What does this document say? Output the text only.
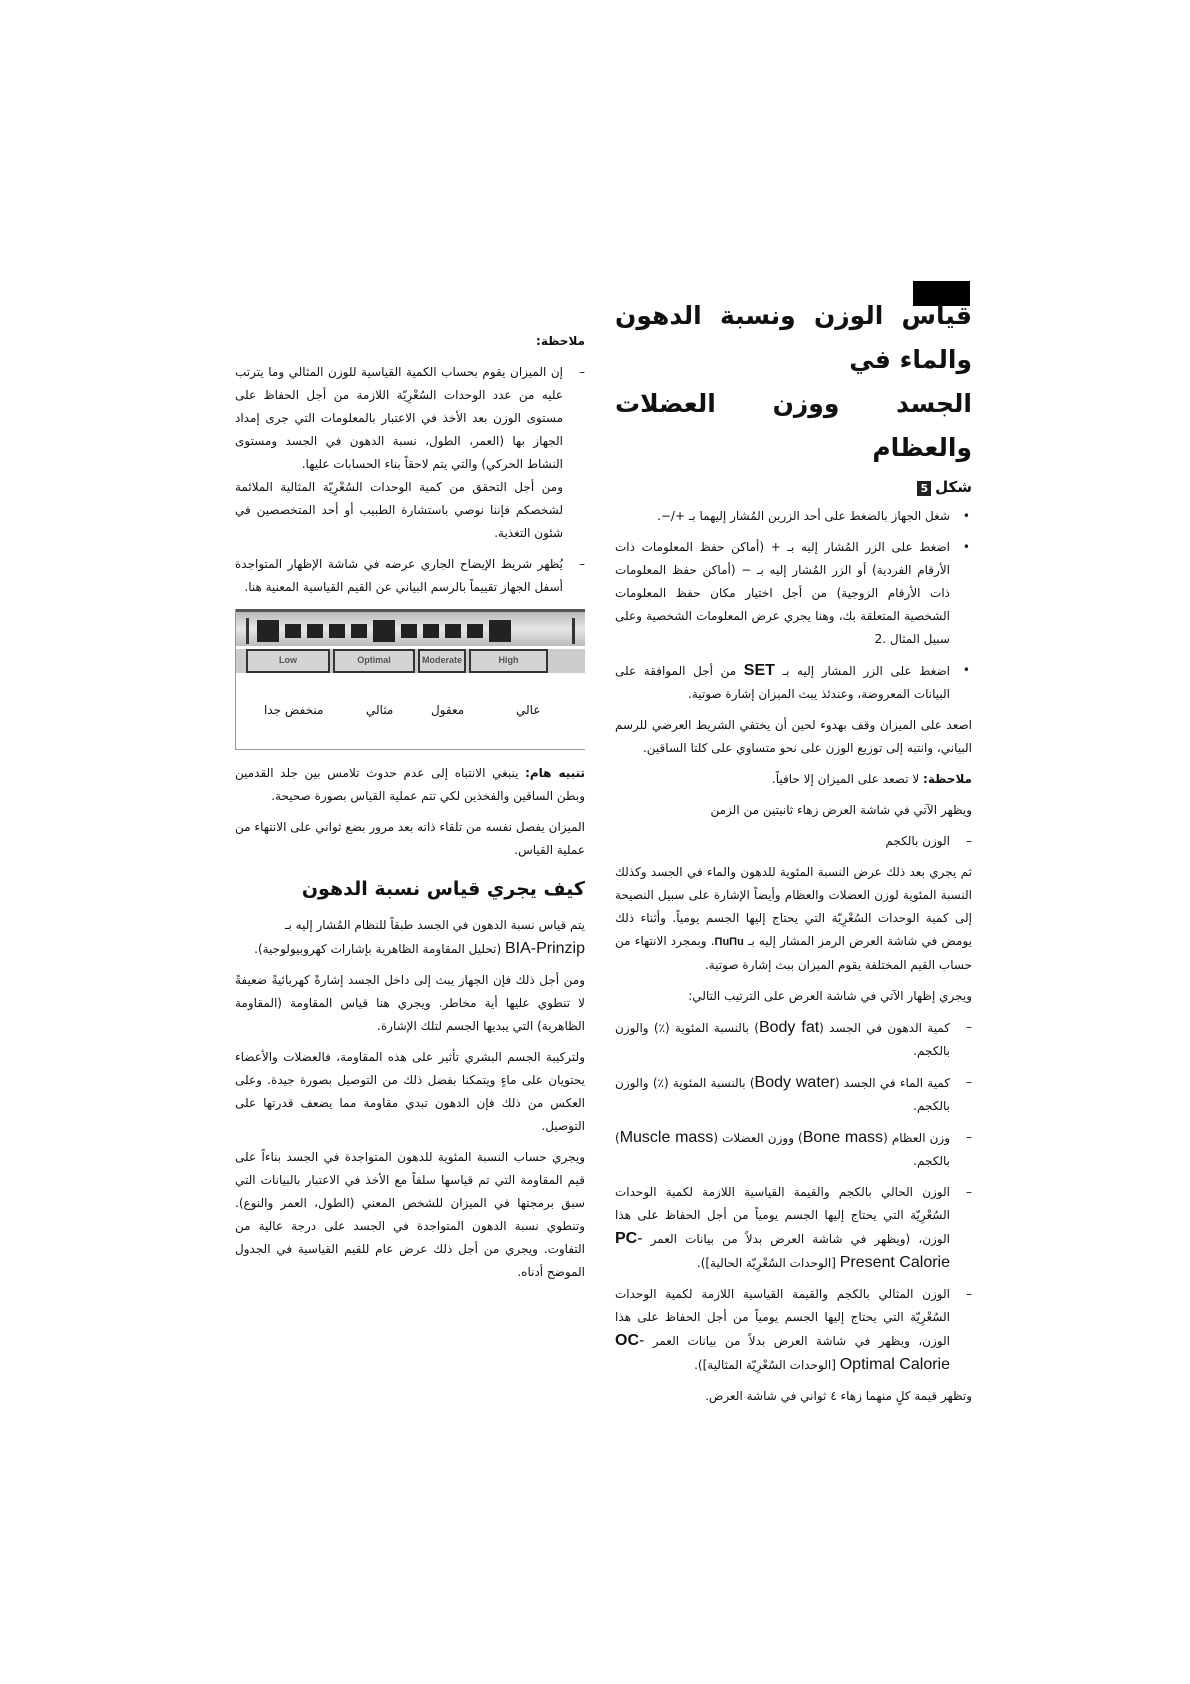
قياس الوزن ونسبة الدهون والماء في
الجسد ووزن العضلات والعظام
شكل5
• شغل الجهاز بالضغط على أحد الزرين المُشار إليهما بـ +/−.
• اضغط على الزر المُشار إليه بـ + (أماكن حفظ المعلومات ذات الأرقام الفردية) أو الزر المُشار إليه بـ − (أماكن حفظ المعلومات ذات الأرقام الزوجية) من أجل اختيار مكان حفظ المعلومات الشخصية المتعلقة بك، وهنا يجري عرض المعلومات الشخصية وعلى سبيل المثال .2
• اضغط على الزر المشار إليه بـ SET من أجل الموافقة على البيانات المعروضة، وعندئذ يبث الميزان إشارة صوتية.

اصعد على الميزان وقف بهدوء لحين أن يختفي الشريط العرضي للرسم البياني، وانتبه إلى توزيع الوزن على نحو متساوي على كلتا الساقين.

ملاحظة: لا تصعد على الميزان إلا حافياً.

ويظهر الآتي في شاشة العرض زهاء ثانيتين من الزمن

– الوزن بالكجم

ثم يجري بعد ذلك عرض النسبة المئوية للدهون والماء في الجسد وكذلك النسبة المئوية لوزن العضلات والعظام وأيضاً الإشارة على سبيل النصيحة إلى كمية الوحدات السُعْرِيّة التي يحتاج إليها الجسم يومياً. وأثناء ذلك يومض في شاشة العرض الرمز المشار إليه بـ ПuПu. وبمجرد الانتهاء من حساب القيم المختلفة يقوم الميزان ببث إشارة صوتية.

ويجري إظهار الآتي في شاشة العرض على الترتيب التالي:

– كمية الدهون في الجسد (Body fat) بالنسبة المئوية (٪) والوزن بالكجم.
– كمية الماء في الجسد (Body water) بالنسبة المئوية (٪) والوزن بالكجم.
– وزن العظام (Bone mass) ووزن العضلات (Muscle mass) بالكجم.
– الوزن الحالي بالكجم والقيمة القياسية اللازمة لكمية الوحدات السُعْرِيّة التي يحتاج إليها الجسم يومياً من أجل الحفاظ على هذا الوزن، (ويظهر في شاشة العرض بدلاً من بيانات العمر PC-Present Calorie [الوحدات السُعْرِيّة الحالية]).
– الوزن المثالي بالكجم والقيمة القياسية اللازمة لكمية الوحدات السُعْرِيّة التي يحتاج إليها الجسم يومياً من أجل الحفاظ على هذا الوزن، ويظهر في شاشة العرض بدلاً من بيانات العمر OC-Optimal Calorie [الوحدات السُعْرِيّة المثالية]).

وتظهر قيمة كلٍ منهما زهاء ٤ ثواني في شاشة العرض.

ملاحظة:

– إن الميزان يقوم بحساب الكمية القياسية للوزن المثالي وما يترتب عليه من عدد الوحدات السُعْرِيّة اللازمة من أجل الحفاظ على مستوى الوزن بعد الأخذ في الاعتبار بالمعلومات التي جرى إمداد الجهاز بها (العمر، الطول، نسبة الدهون في الجسد ومستوى النشاط الحركي) والتي يتم لاحقاً بناء الحسابات عليها.
ومن أجل التحقق من كمية الوحدات السُعْرِيّة المثالية الملائمة لشخصكم فإننا نوصي باستشارة الطبيب أو أحد المتخصصين في شئون التغذية.
– يُظهر شريط الإيضاح الجاري عرضه في شاشة الإظهار المتواجدة أسفل الجهاز تقييماً بالرسم البياني عن القيم القياسية المعنية هنا.
Low	Optimal	Moderate	High
منخفض جدا	مثالي	معقول	عالي

تنبيه هام: ينبغي الانتباه إلى عدم حدوث تلامس بين جلد القدمين وبطن الساقين والفخذين لكي تتم عملية القياس بصورة صحيحة.

الميزان يفصل نفسه من تلقاء ذاته بعد مرور بضع ثواني على الانتهاء من عملية القياس.

كيف يجري قياس نسبة الدهون

يتم قياس نسبة الدهون في الجسد طبقاً للنظام المُشار إليه بـ
BIA-Prinzip (تحليل المقاومة الظاهرية بإشارات كهروبيولوجية).

ومن أجل ذلك فإن الجهاز يبث إلى داخل الجسد إشارةً كهربائيةً ضعيفةً لا تنطوي عليها أية مخاطر. ويجري هنا قياس المقاومة (المقاومة الظاهرية) التي يبديها الجسم لتلك الإشارة.

ولتركيبة الجسم البشري تأثير على هذه المقاومة، فالعضلات والأعضاء يحتويان على ماءٍ ويتمكنا بفضل ذلك من التوصيل بصورة جيدة. وعلى العكس من ذلك فإن الدهون تبدي مقاومة مما يضعف قدرتها على التوصيل.

ويجري حساب النسبة المئوية للدهون المتواجدة في الجسد بناءاً على قيم المقاومة التي تم قياسها سلفاً مع الأخذ في الاعتبار بالبيانات التي سبق برمجتها في الميزان للشخص المعني (الطول، العمر والنوع). وتنطوي نسبة الدهون المتواجدة في الجسد على درجة عالية من التفاوت. ويجري من أجل ذلك عرض عام للقيم القياسية في الجدول الموضح أدناه.
